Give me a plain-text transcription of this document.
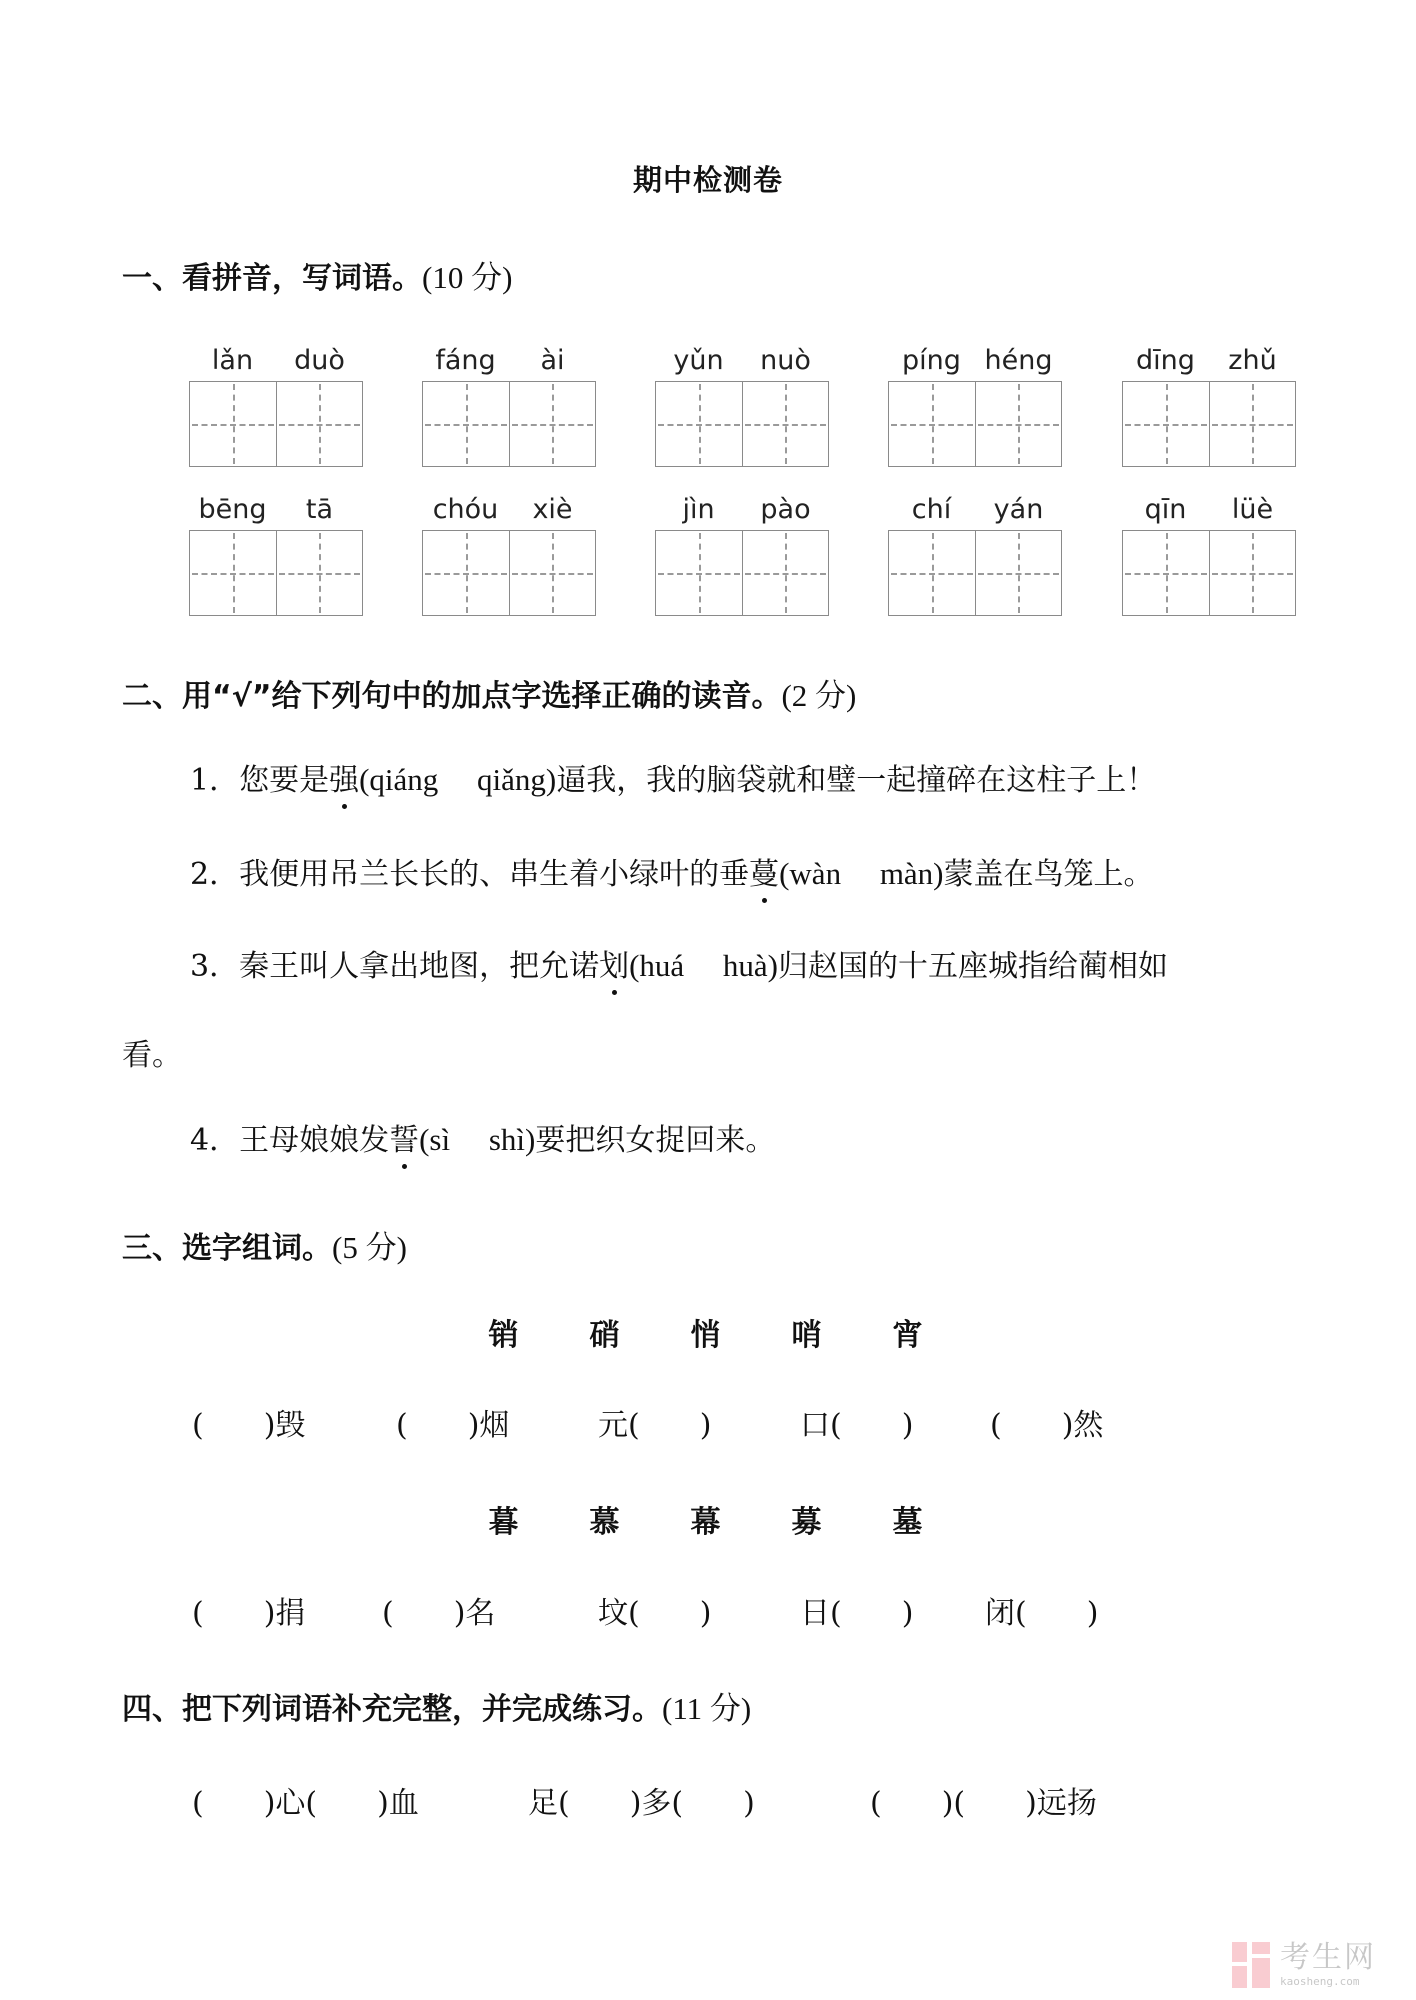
期中检测卷
一、看拼音，写词语。(10 分)
lǎn	duò	fáng	ài	yǔn	nuò	píng héng	dīng	zhǔ
bēng	tā	chóu	xiè	jìn	pào	chí	yán	qīn	lüè
二、用“√”给下列句中的加点字选择正确的读音。(2 分)
1．您要是强(qiáng　 qiǎng)逼我，我的脑袋就和璧一起撞碎在这柱子上！
2．我便用吊兰长长的、串生着小绿叶的垂蔓(wàn　 màn)蒙盖在鸟笼上。
3．秦王叫人拿出地图，把允诺划(huá　 huà)归赵国的十五座城指给蔺相如
看。
4．王母娘娘发誓(sì　 shì)要把织女捉回来。
三、选字组词。(5 分)
销	硝	悄	哨	宵
(　　)毁	(　　)烟	元(　　)	口(　　)	(　　)然
暮	慕	幕	募	墓
(　　)捐	(　　)名	坟(　　)	日(　　) 闭(　　)
四、把下列词语补充完整，并完成练习。(11 分)
(　　)心(　　)血	足(　　)多(　　)	(　　)(　　)远扬
考生网
kaosheng.com
